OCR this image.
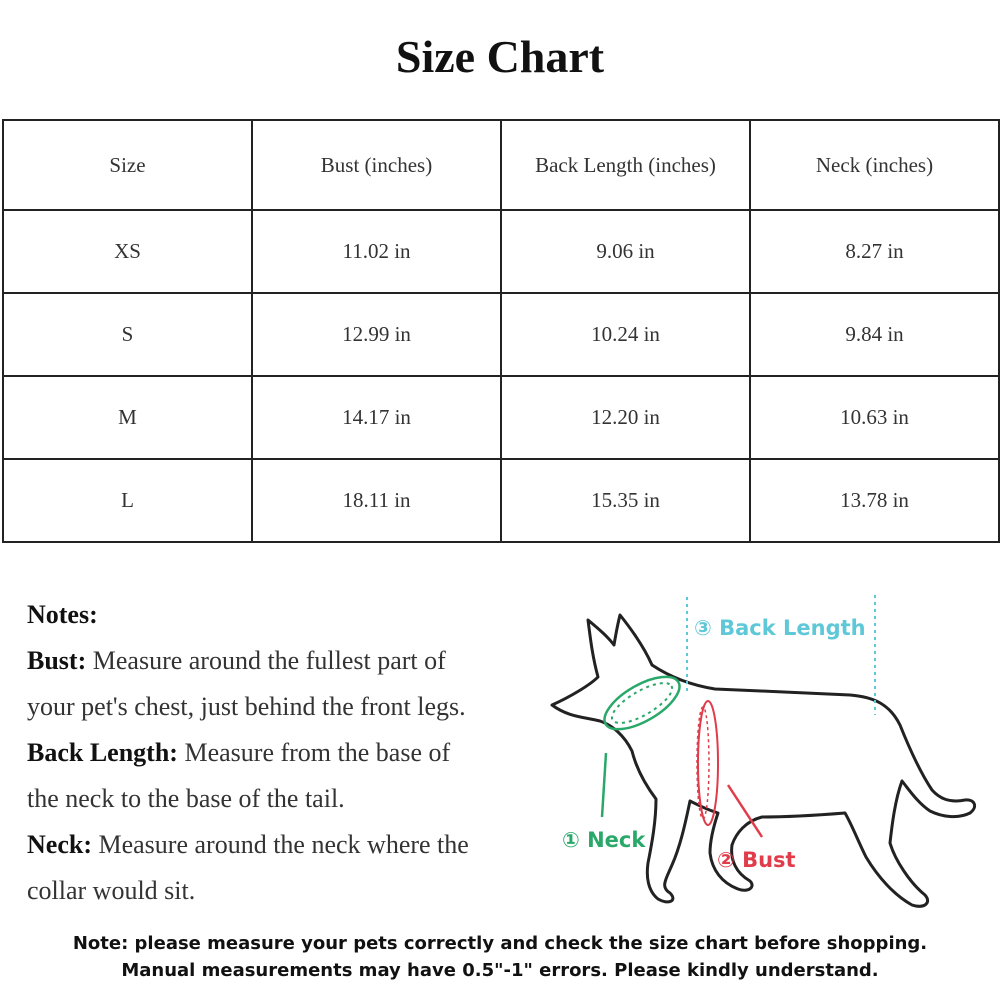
Size Chart
Size	Bust (inches)	Back Length (inches)	Neck (inches)
XS	11.02 in	9.06 in	8.27 in
S	12.99 in	10.24 in	9.84 in
M	14.17 in	12.20 in	10.63 in
L	18.11 in	15.35 in	13.78 in
Notes:
Bust: Measure around the fullest part of
your pet's chest, just behind the front legs.
Back Length: Measure from the base of
the neck to the base of the tail.
Neck: Measure around the neck where the
collar would sit.
③ Back Length
① Neck
② Bust
Note: please measure your pets correctly and check the size chart before shopping.
Manual measurements may have 0.5"-1" errors. Please kindly understand.
